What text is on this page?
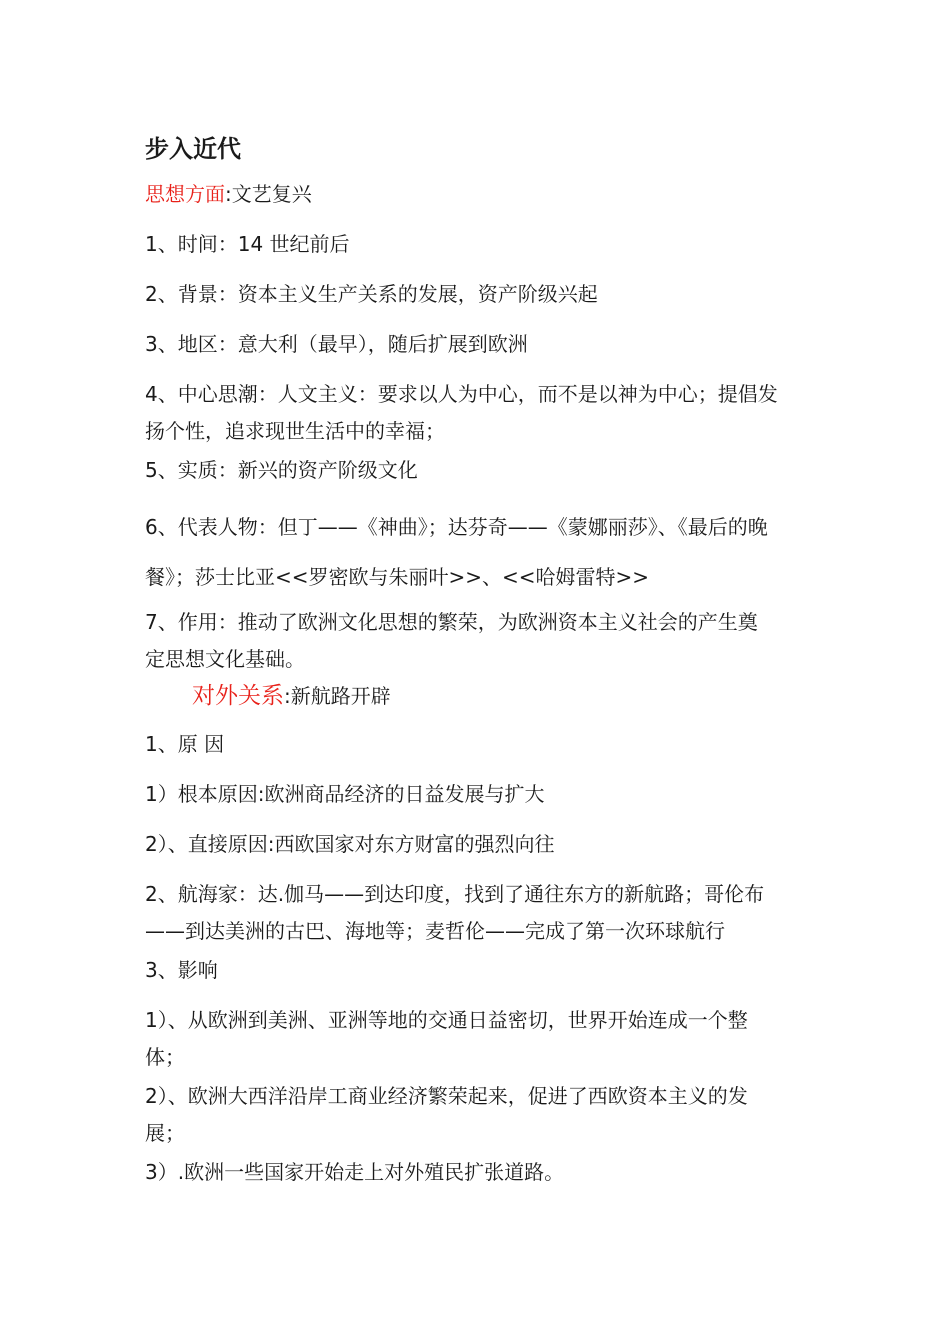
步入近代
思想方面:文艺复兴
1、时间：14 世纪前后
2、背景：资本主义生产关系的发展，资产阶级兴起
3、地区：意大利（最早），随后扩展到欧洲
4、中心思潮：人文主义：要求以人为中心，而不是以神为中心；提倡发
扬个性，追求现世生活中的幸福；
5、实质：新兴的资产阶级文化
6、代表人物：但丁——《神曲》；达芬奇——《蒙娜丽莎》、《最后的晚
餐》；莎士比亚<<罗密欧与朱丽叶>>、<<哈姆雷特>>
7、作用：推动了欧洲文化思想的繁荣，为欧洲资本主义社会的产生奠
定思想文化基础。
对外关系:新航路开辟
1、原 因
1）根本原因:欧洲商品经济的日益发展与扩大
2）、直接原因:西欧国家对东方财富的强烈向往
2、航海家：达.伽马——到达印度，找到了通往东方的新航路；哥伦布
——到达美洲的古巴、海地等；麦哲伦——完成了第一次环球航行
3、影响
1）、从欧洲到美洲、亚洲等地的交通日益密切，世界开始连成一个整
体；
2）、欧洲大西洋沿岸工商业经济繁荣起来，促进了西欧资本主义的发
展；
3）.欧洲一些国家开始走上对外殖民扩张道路。
